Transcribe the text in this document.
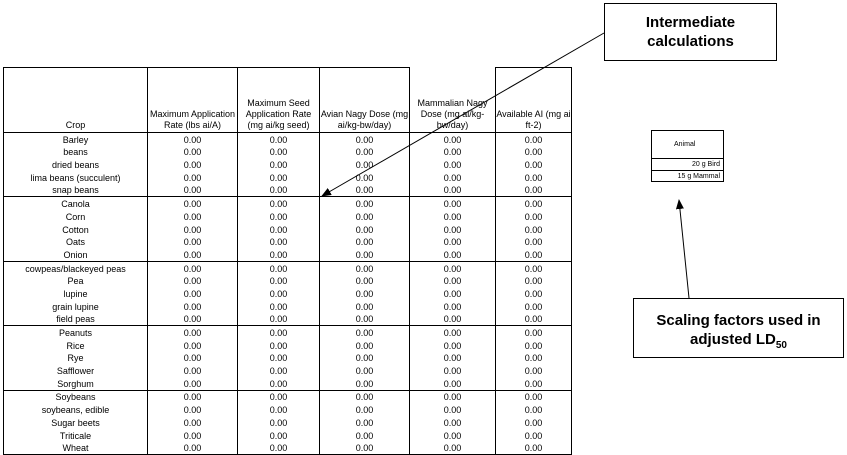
Crop	Maximum Application Rate (lbs ai/A)	Maximum Seed Application Rate (mg ai/kg seed)	Avian Nagy Dose (mg ai/kg-bw/day)	Mammalian Nagy Dose (mg ai/kg-bw/day)	Available AI (mg ai ft-2)
Barley	0.00	0.00	0.00	0.00	0.00
beans	0.00	0.00	0.00	0.00	0.00
dried beans	0.00	0.00	0.00	0.00	0.00
lima beans (succulent)	0.00	0.00	0.00	0.00	0.00
snap beans	0.00	0.00	0.00	0.00	0.00
Canola	0.00	0.00	0.00	0.00	0.00
Corn	0.00	0.00	0.00	0.00	0.00
Cotton	0.00	0.00	0.00	0.00	0.00
Oats	0.00	0.00	0.00	0.00	0.00
Onion	0.00	0.00	0.00	0.00	0.00
cowpeas/blackeyed peas	0.00	0.00	0.00	0.00	0.00
Pea	0.00	0.00	0.00	0.00	0.00
lupine	0.00	0.00	0.00	0.00	0.00
grain lupine	0.00	0.00	0.00	0.00	0.00
field peas	0.00	0.00	0.00	0.00	0.00
Peanuts	0.00	0.00	0.00	0.00	0.00
Rice	0.00	0.00	0.00	0.00	0.00
Rye	0.00	0.00	0.00	0.00	0.00
Safflower	0.00	0.00	0.00	0.00	0.00
Sorghum	0.00	0.00	0.00	0.00	0.00
Soybeans	0.00	0.00	0.00	0.00	0.00
soybeans, edible	0.00	0.00	0.00	0.00	0.00
Sugar beets	0.00	0.00	0.00	0.00	0.00
Triticale	0.00	0.00	0.00	0.00	0.00
Wheat	0.00	0.00	0.00	0.00	0.00
Intermediate
calculations
Animal
20 g Bird
15 g Mammal
Scaling factors used in
adjusted $LD_{50}$
